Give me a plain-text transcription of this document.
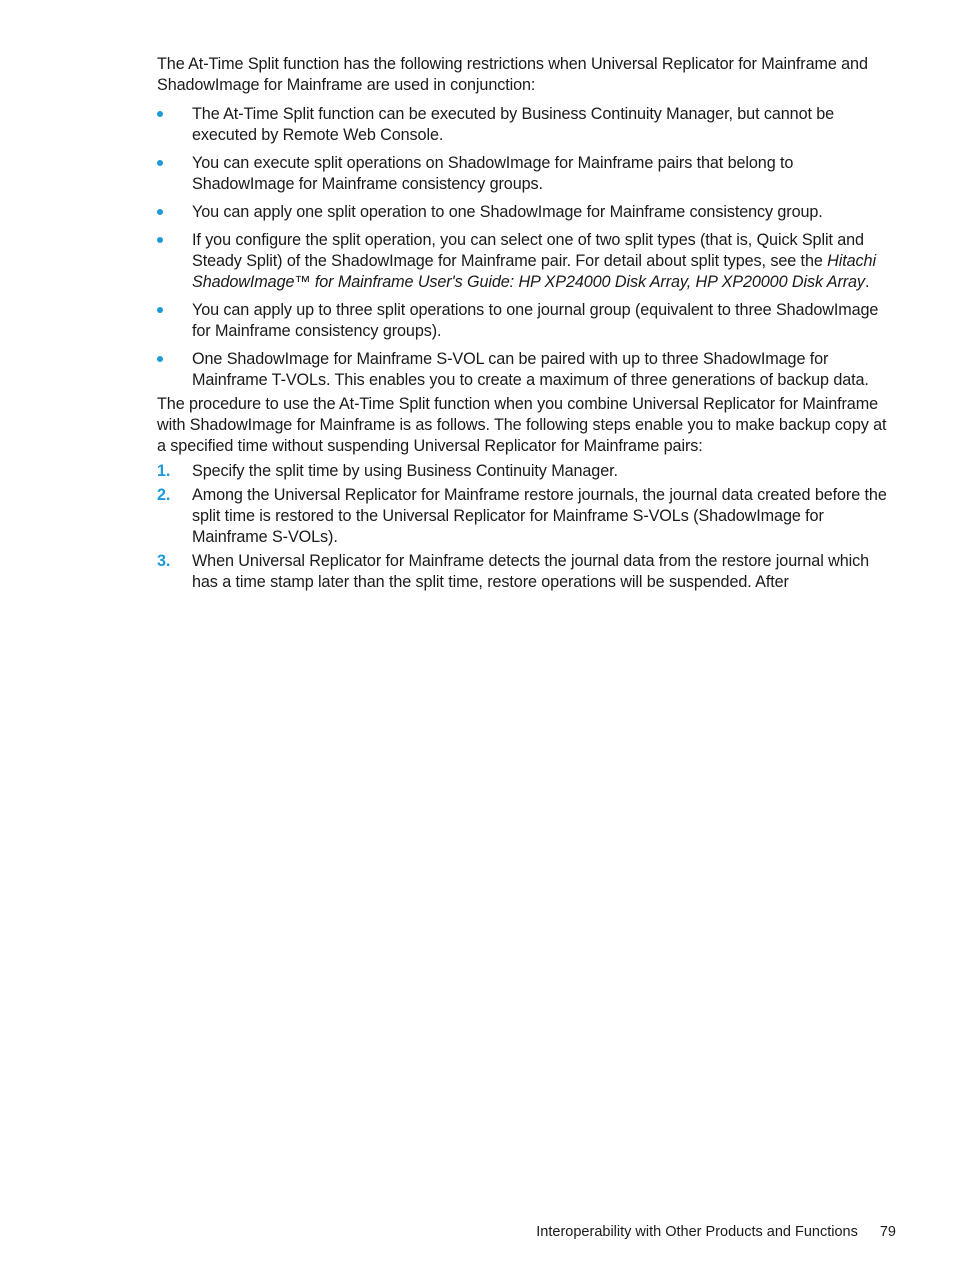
The At-Time Split function has the following restrictions when Universal Replicator for Mainframe and ShadowImage for Mainframe are used in conjunction:

The At-Time Split function can be executed by Business Continuity Manager, but cannot be executed by Remote Web Console.
You can execute split operations on ShadowImage for Mainframe pairs that belong to ShadowImage for Mainframe consistency groups.
You can apply one split operation to one ShadowImage for Mainframe consistency group.
If you configure the split operation, you can select one of two split types (that is, Quick Split and Steady Split) of the ShadowImage for Mainframe pair. For detail about split types, see the Hitachi ShadowImage™ for Mainframe User's Guide: HP XP24000 Disk Array, HP XP20000 Disk Array.
You can apply up to three split operations to one journal group (equivalent to three ShadowImage for Mainframe consistency groups).
One ShadowImage for Mainframe S-VOL can be paired with up to three ShadowImage for Mainframe T-VOLs. This enables you to create a maximum of three generations of backup data.

The procedure to use the At-Time Split function when you combine Universal Replicator for Mainframe with ShadowImage for Mainframe is as follows. The following steps enable you to make backup copy at a specified time without suspending Universal Replicator for Mainframe pairs:

1. Specify the split time by using Business Continuity Manager.
2. Among the Universal Replicator for Mainframe restore journals, the journal data created before the split time is restored to the Universal Replicator for Mainframe S-VOLs (ShadowImage for Mainframe S-VOLs).
3. When Universal Replicator for Mainframe detects the journal data from the restore journal which has a time stamp later than the split time, restore operations will be suspended. After
Interoperability with Other Products and Functions 79
